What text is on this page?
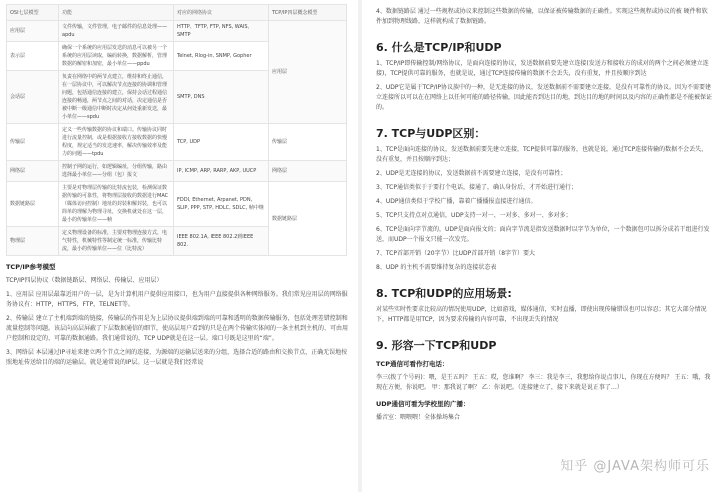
OSI七层模型	功能	对应的网络协议	TCP/IP四层概念模型
应用层	文件传输，文件管理，电子邮件的信息处理——apdu	HTTP、TFTP, FTP, NFS, WAIS、SMTP	应用层
表示层	确保一个系统的应用层发送的消息可以被另一个系统的应用层读取，编码转换，数据解析，管理数据的解密和加密，最小单位——ppdu	Telnet, Rlog-in, SNMP, Gopher	
会话层	负责在网络中的两节点建立，维持和终止通信，在一层协议中，可以解决节点连接的协调和管理问题，包括通信连接的建立，保持会话过程通信连接的畅通，两节点之间的对话，决定通信是否被中断一级通信中断时决定从何处重新发送，最小单位——spdu	SMTP, DNS	
传输层	定义一些传输数据的协议和端口。传输协议同时进行流量控制，或是根据接收方接收数据的快慢程度，规定适当的发送速率，解决传输效率及能力的问题——tpdu	TCP, UDP	传输层
网络层	控制子网的运行，如逻辑编址，分组传输，路由选择最小单位——分组（包）报文	IP, ICMP, ARP, RARP, AKP, UUCP	网络层
数据链路层	主要是对物理层传输的比特流包装，检测保证数据传输的可靠性，将物理层接收的数据进行MAC（媒体访问控制）地址的封装和解封装，也可以简单的理解为物理寻址，交换机就处在这一层，最小的传输单位——帧	FDDI, Ethernet, Arpanet, PDN, SLIP, PPP, STP, HDLC, SDLC, 帧中继	数据链路层
物理层	定义物理设备的标准，主要对物理连接方式，电气特性，机械特性等制定统一标准，传输比特流，最小的传输单位——位（比特流）	IEEE 802.1A, IEEE 802.2到IEEE 802.	
TCP/IP参考模型
TCP/IP四层协议（数据链路层、网络层、传输层、应用层）
1、应用层 应用层最靠近用户的一层，是为计算机用户提供应用接口，也为用户直接提供各种网络服务。我们常见应用层的网络服务协议有：HTTP，HTTPS，FTP，TELNET等。
2、传输层 建立了主机端到端的链接，传输层的作用是为上层协议提供端到端的可靠和透明的数据传输服务，包括处理差错控制和流量控制等问题。该层向高层屏蔽了下层数据通信的细节，使高层用户看到的只是在两个传输实体间的一条主机到主机的、可由用户控制和设定的、可靠的数据通路。我们通常说的，TCP UDP就是在这一层。端口号既是这里的“端”。
3、网络层 本层通过IP寻址来建立两个节点之间的连接，为源端的运输层送来的分组，选择合适的路由和交换节点，正确无误地按照地址传送给目的端的运输层。就是通常说的IP层。这一层就是我们经常说
4、数据链路层 通过一些规程或协议来控制这些数据的传输，以保证被传输数据的正确性。实现这些规程或协议的被 硬件和软件加到物理线路，这样就构成了数据链路。
6. 什么是TCP/IP和UDP
1、TCP/IP即传输控制/网络协议，是面向连接的协议，发送数据前要先建立连接(发送方和接收方的成对的两个之间必须建立连接)，TCP提供可靠的服务，也就是说，通过TCP连接传输的数据不会丢失，没有重复，并且按顺序到达
2、UDP它是属于TCP/IP协议族中的一种，是无连接的协议，发送数据前不需要建立连接，是没有可靠性的协议。因为不需要建立连接所以可以在在网络上以任何可能的路径传输，因此能否到达目的地，到达目的地的时间以及内容的正确性都是不能被保证的。
7. TCP与UDP区别：
1、TCP是面向连接的协议，发送数据前要先建立连接，TCP提供可靠的服务，也就是说，通过TCP连接传输的数据不会丢失，没有重复，并且按顺序到达；
2、UDP是无连接的协议，发送数据前不需要建立连接，是没有可靠性；
3、TCP通信类似于于要打个电话，接通了，确认身份后，才开始进行通行；
4、UDP通信类似于学校广播，靠着广播播报直接进行通信。
5、TCP只支持点对点通信，UDP支持一对一、一对多、多对一、多对多；
6、TCP是面向字节流的，UDP是面向报文的；面向字节流是指发送数据时以字节为单位，一个数据包可以拆分成若干组进行发送，而UDP一个报文只能一次发完。
7、TCP首部开销（20字节）比UDP首部开销（8字节）要大
8、UDP 的主机不需要维持复杂的连接状态表
8. TCP和UDP的应用场景:
对某些实时性要求比较高的情况使用UDP，比如游戏，媒体通信，实时直播，即使出现传输错误也可以容忍；其它大部分情况下，HTTP都是用TCP，因为要求传输的内容可靠，不出现丢失的情况
9. 形容一下TCP和UDP
TCP通信可看作打电话：
李三(拨了个号码)：喂，是王五吗？ 王五：哎，您谁啊？ 李三：我是李三，我想给你说点事儿，你现在方便吗？ 王五：哦，我现在方便，你说吧。 甲：那我说了啊？ 乙：你说吧。（连接建立了，接下来就是说正事了…）
UDP通信可看为学校里的广播：
播音室：喂喂喂！全体操场集合
知乎 @JAVA架构师可乐
